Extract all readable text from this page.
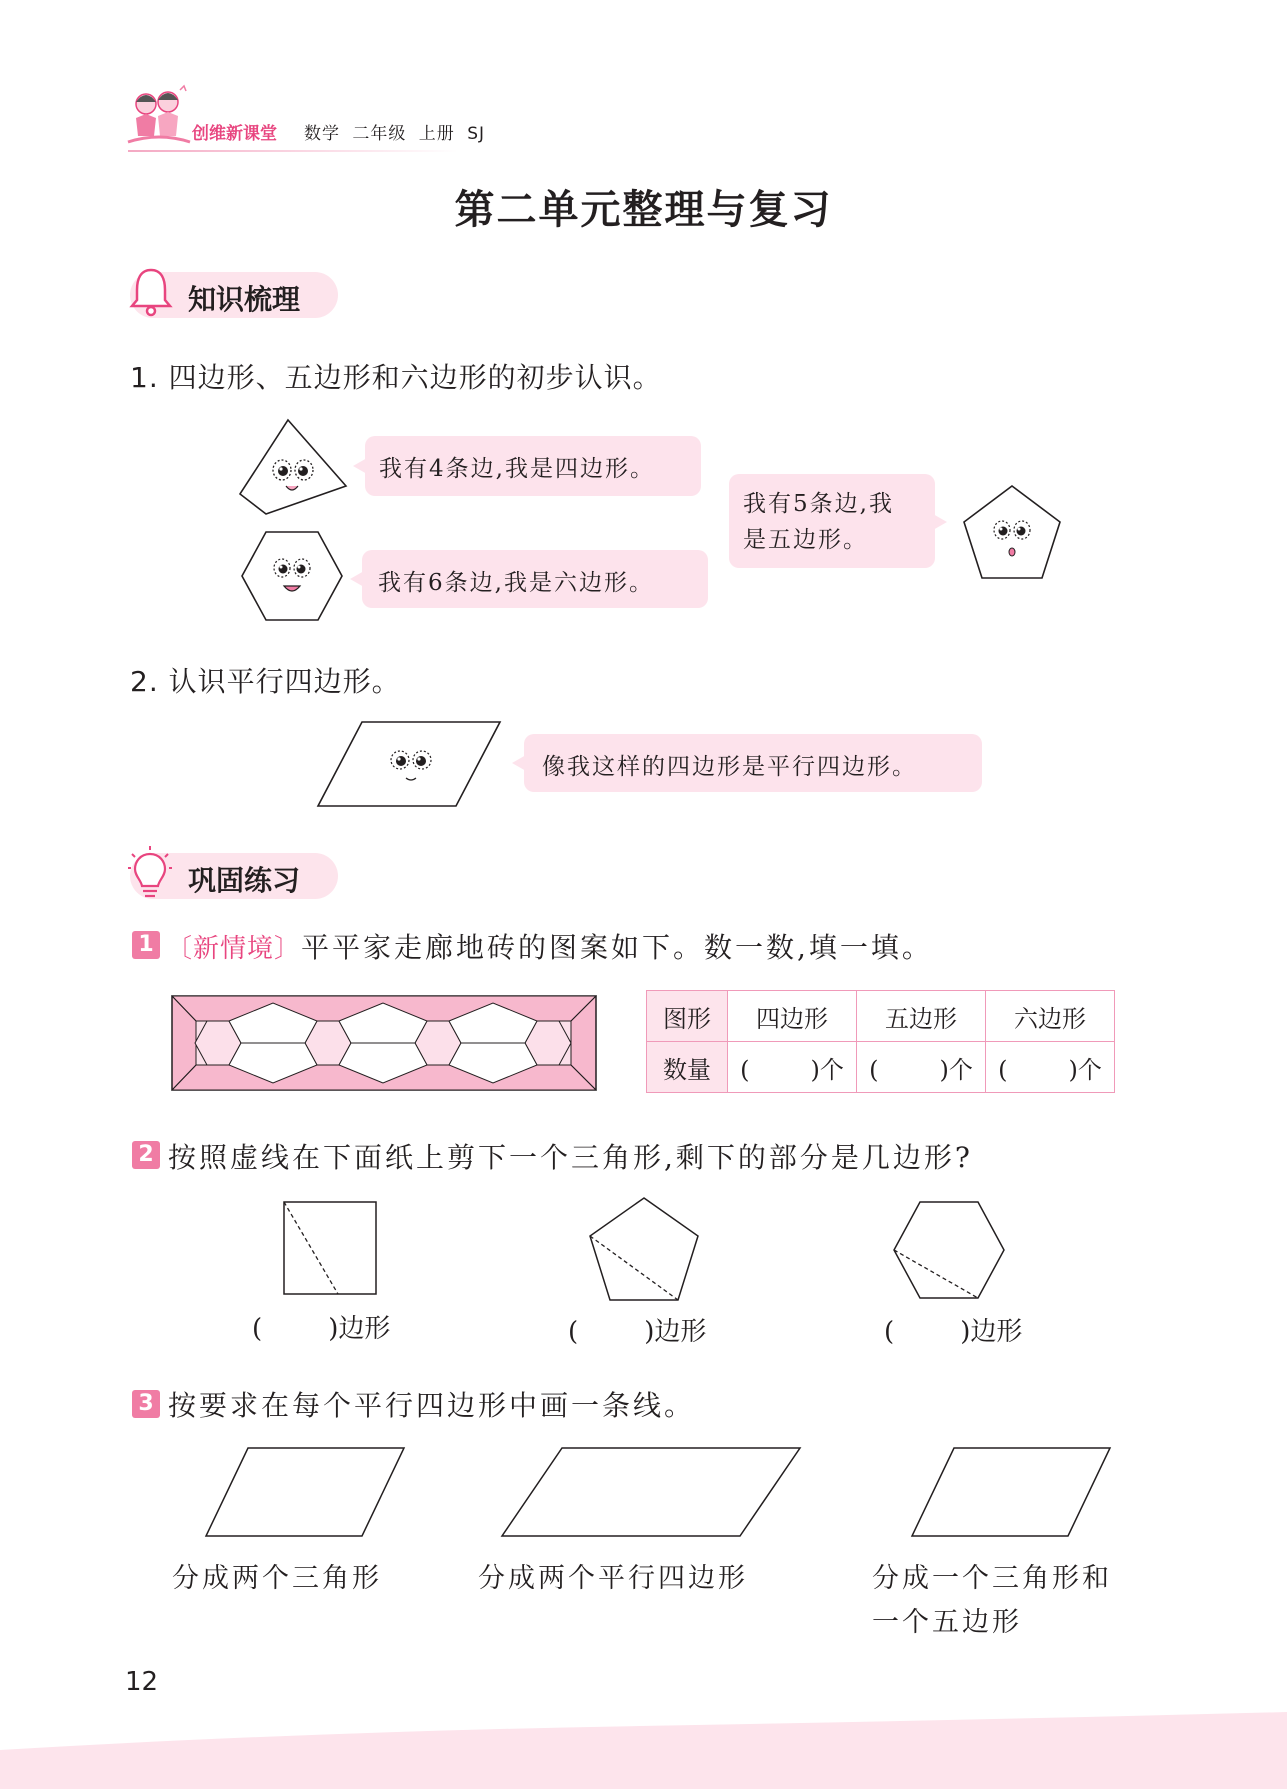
创维新课堂 数学 二年级 上册 SJ
第二单元整理与复习
知识梳理
1. 四边形、五边形和六边形的初步认识。
我有4条边,我是四边形。
我有6条边,我是六边形。
我有5条边,我
是五边形。
2. 认识平行四边形。
像我这样的四边形是平行四边形。
巩固练习
1 〔新情境〕平平家走廊地砖的图案如下。数一数,填一填。
图形	四边形	五边形	六边形
数量	(        )个	(        )个	(        )个
2 按照虚线在下面纸上剪下一个三角形,剩下的部分是几边形?
(        )边形	(        )边形	(        )边形
3 按要求在每个平行四边形中画一条线。
分成两个三角形	分成两个平行四边形	分成一个三角形和
一个五边形
12
